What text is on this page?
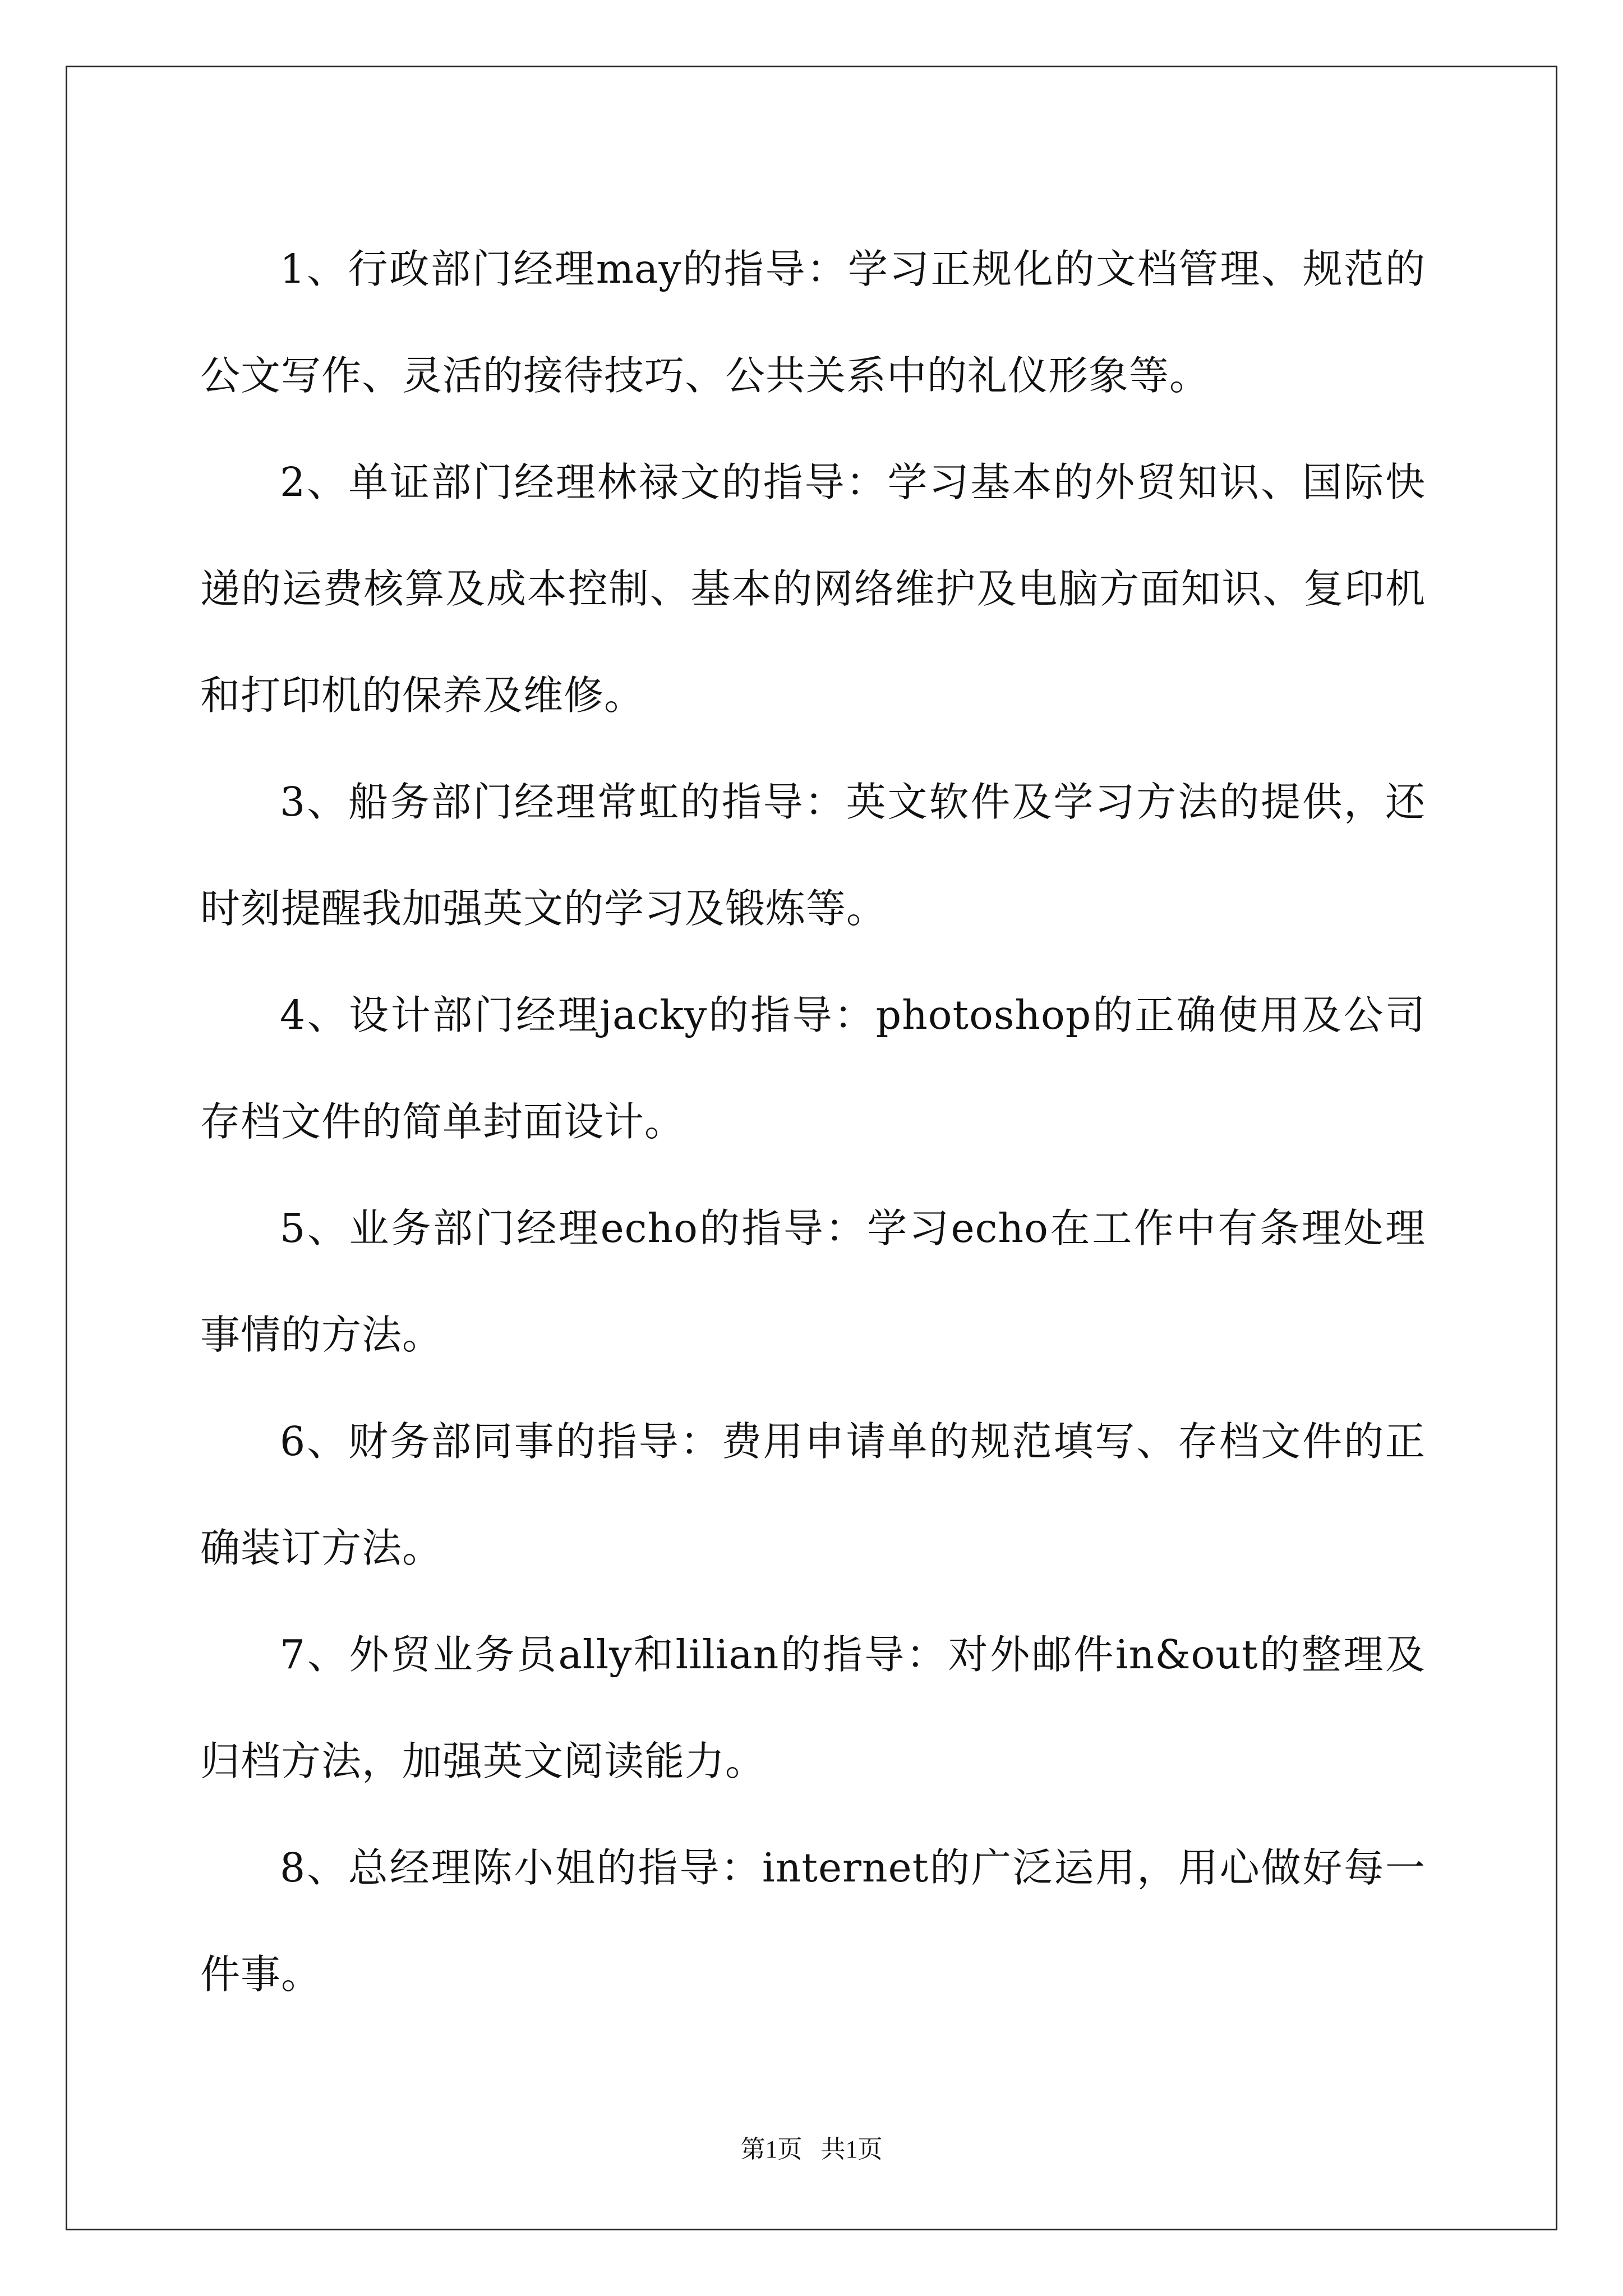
1、行政部门经理may的指导：学习正规化的文档管理、规范的公文写作、灵活的接待技巧、公共关系中的礼仪形象等。

2、单证部门经理林禄文的指导：学习基本的外贸知识、国际快递的运费核算及成本控制、基本的网络维护及电脑方面知识、复印机和打印机的保养及维修。

3、船务部门经理常虹的指导：英文软件及学习方法的提供，还时刻提醒我加强英文的学习及锻炼等。

4、设计部门经理jacky的指导：photoshop的正确使用及公司存档文件的简单封面设计。

5、业务部门经理echo的指导：学习echo在工作中有条理处理事情的方法。

6、财务部同事的指导：费用申请单的规范填写、存档文件的正确装订方法。

7、外贸业务员ally和lilian的指导：对外邮件in&out的整理及归档方法，加强英文阅读能力。

8、总经理陈小姐的指导：internet的广泛运用，用心做好每一件事。

第1页   共1页
